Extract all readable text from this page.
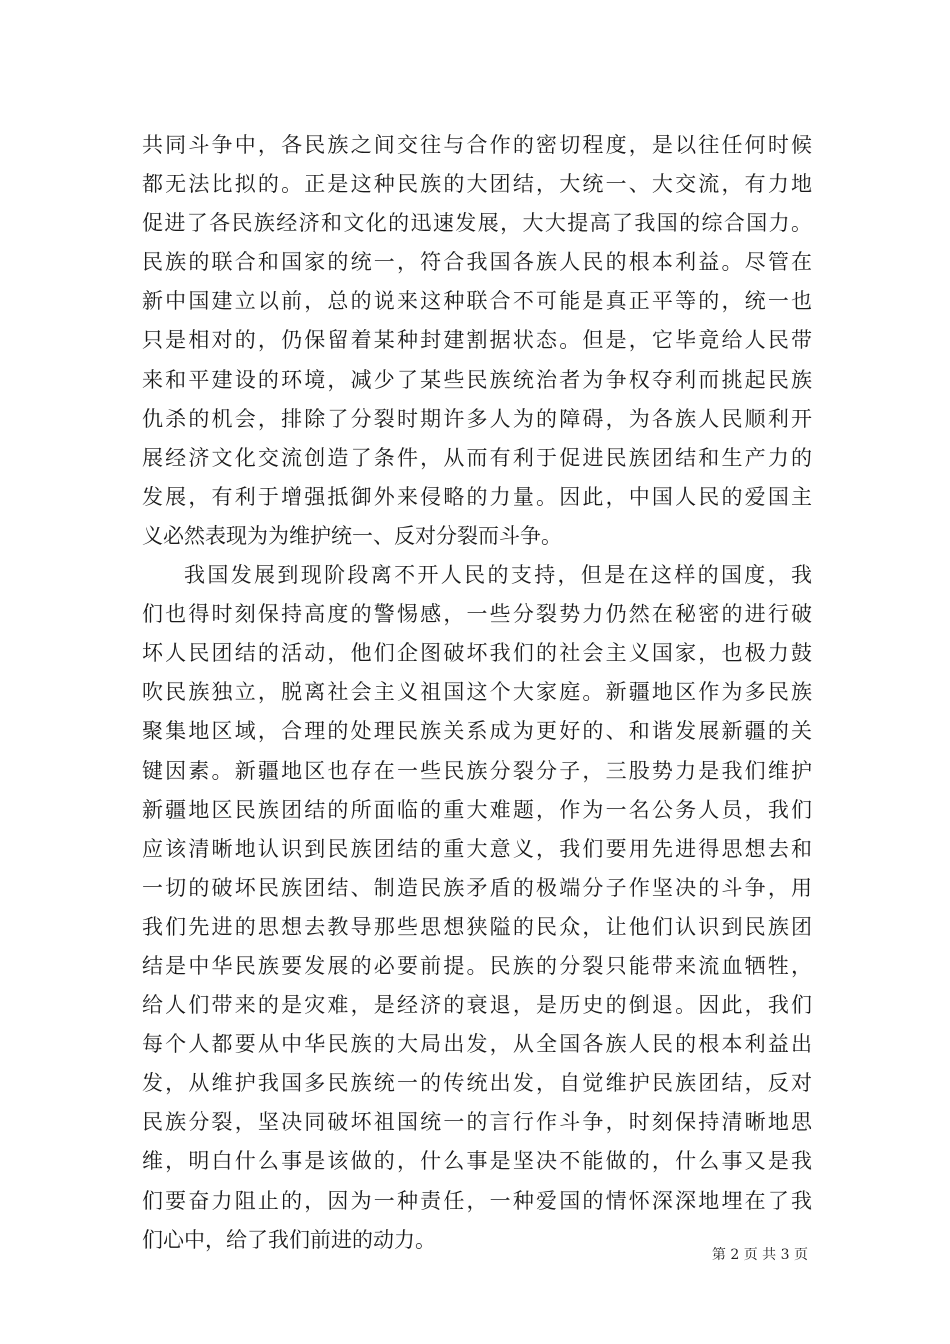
共同斗争中，各民族之间交往与合作的密切程度，是以往任何时候
都无法比拟的。正是这种民族的大团结，大统一、大交流，有力地
促进了各民族经济和文化的迅速发展，大大提高了我国的综合国力。
民族的联合和国家的统一，符合我国各族人民的根本利益。尽管在
新中国建立以前，总的说来这种联合不可能是真正平等的，统一也
只是相对的，仍保留着某种封建割据状态。但是，它毕竟给人民带
来和平建设的环境，减少了某些民族统治者为争权夺利而挑起民族
仇杀的机会，排除了分裂时期许多人为的障碍，为各族人民顺利开
展经济文化交流创造了条件，从而有利于促进民族团结和生产力的
发展，有利于增强抵御外来侵略的力量。因此，中国人民的爱国主
义必然表现为为维护统一、反对分裂而斗争。
我国发展到现阶段离不开人民的支持，但是在这样的国度，我
们也得时刻保持高度的警惕感，一些分裂势力仍然在秘密的进行破
坏人民团结的活动，他们企图破坏我们的社会主义国家，也极力鼓
吹民族独立，脱离社会主义祖国这个大家庭。新疆地区作为多民族
聚集地区域，合理的处理民族关系成为更好的、和谐发展新疆的关
键因素。新疆地区也存在一些民族分裂分子，三股势力是我们维护
新疆地区民族团结的所面临的重大难题，作为一名公务人员，我们
应该清晰地认识到民族团结的重大意义，我们要用先进得思想去和
一切的破坏民族团结、制造民族矛盾的极端分子作坚决的斗争，用
我们先进的思想去教导那些思想狭隘的民众，让他们认识到民族团
结是中华民族要发展的必要前提。民族的分裂只能带来流血牺牲，
给人们带来的是灾难，是经济的衰退，是历史的倒退。因此，我们
每个人都要从中华民族的大局出发，从全国各族人民的根本利益出
发，从维护我国多民族统一的传统出发，自觉维护民族团结，反对
民族分裂，坚决同破坏祖国统一的言行作斗争，时刻保持清晰地思
维，明白什么事是该做的，什么事是坚决不能做的，什么事又是我
们要奋力阻止的，因为一种责任，一种爱国的情怀深深地埋在了我
们心中，给了我们前进的动力。
第 2 页 共 3 页
